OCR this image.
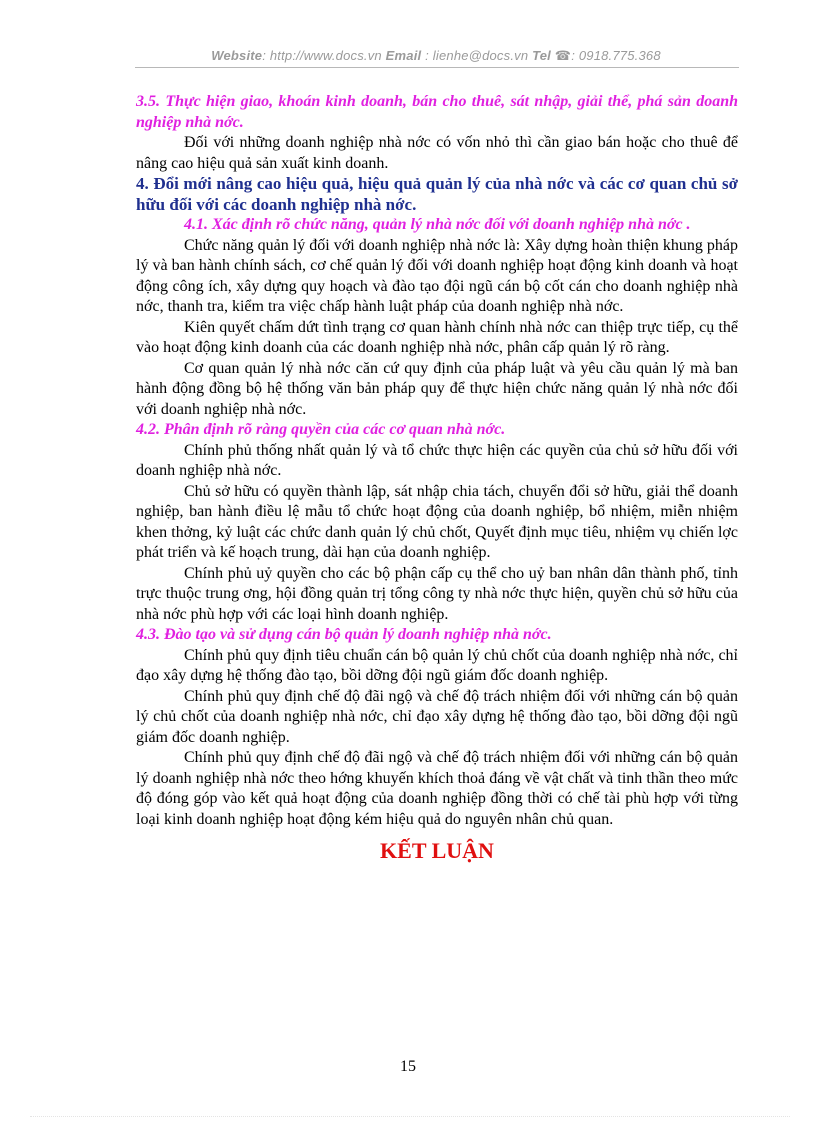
Website: http://www.docs.vn Email : lienhe@docs.vn Tel ☎: 0918.775.368

3.5. Thực hiện giao, khoán kinh doanh, bán cho thuê, sát nhập, giải thể, phá sản doanh nghiệp nhà nớc.

Đối với những doanh nghiệp nhà nớc có vốn nhỏ thì cần giao bán hoặc cho thuê để nâng cao hiệu quả sản xuất kinh doanh.

4. Đổi mới nâng cao hiệu quả, hiệu quả quản lý của nhà nớc và các cơ quan chủ sở hữu đối với các doanh nghiệp nhà nớc.

4.1. Xác định rõ chức năng, quản lý nhà nớc đối với doanh nghiệp nhà nớc .

Chức năng quản lý đối với doanh nghiệp nhà nớc là: Xây dựng hoàn thiện khung pháp lý và ban hành chính sách, cơ chế quản lý đối với doanh nghiệp hoạt động kinh doanh và hoạt động công ích, xây dựng quy hoạch và đào tạo đội ngũ cán bộ cốt cán cho doanh nghiệp nhà nớc, thanh tra, kiểm tra việc chấp hành luật pháp của doanh nghiệp nhà nớc.

Kiên quyết chấm dứt tình trạng cơ quan hành chính nhà nớc can thiệp trực tiếp, cụ thể vào hoạt động kinh doanh của các doanh nghiệp nhà nớc, phân cấp quản lý rõ ràng.

Cơ quan quản lý nhà nớc căn cứ quy định của pháp luật và yêu cầu quản lý mà ban hành động đồng bộ hệ thống văn bản pháp quy để thực hiện chức năng quản lý nhà nớc đối với doanh nghiệp nhà nớc.

4.2. Phân định rõ ràng quyền của các cơ quan nhà nớc.

Chính phủ thống nhất quản lý và tổ chức thực hiện các quyền của chủ sở hữu đối với doanh nghiệp nhà nớc.

Chủ sở hữu có quyền thành lập, sát nhập chia tách, chuyển đổi sở hữu, giải thể doanh nghiệp, ban hành điều lệ mẫu tổ chức hoạt động của doanh nghiệp, bổ nhiệm, miễn nhiệm khen thởng, kỷ luật các chức danh quản lý chủ chốt, Quyết định mục tiêu, nhiệm vụ chiến lợc phát triển và kế hoạch trung, dài hạn của doanh nghiệp.

Chính phủ uỷ quyền cho các bộ phận cấp cụ thể cho uỷ ban nhân dân thành phố, tỉnh trực thuộc trung ơng, hội đồng quản trị tổng công ty nhà nớc thực hiện, quyền chủ sở hữu của nhà nớc phù hợp với các loại hình doanh nghiệp.

4.3. Đào tạo và sử dụng cán bộ quản lý doanh nghiệp nhà nớc.

Chính phủ quy định tiêu chuẩn cán bộ quản lý chủ chốt của doanh nghiệp nhà nớc, chỉ đạo xây dựng hệ thống đào tạo, bồi dỡng đội ngũ giám đốc doanh nghiệp.

Chính phủ quy định chế độ đãi ngộ và chế độ trách nhiệm đối với những cán bộ quản lý chủ chốt của doanh nghiệp nhà nớc, chỉ đạo xây dựng hệ thống đào tạo, bồi dỡng đội ngũ giám đốc doanh nghiệp.

Chính phủ quy định chế độ đãi ngộ và chế độ trách nhiệm đối với những cán bộ quản lý doanh nghiệp nhà nớc theo hớng khuyến khích thoả đáng về vật chất và tinh thần theo mức độ đóng góp vào kết quả hoạt động của doanh nghiệp đồng thời có chế tài phù hợp với từng loại kinh doanh nghiệp hoạt động kém hiệu quả do nguyên nhân chủ quan.

KẾT LUẬN
15
